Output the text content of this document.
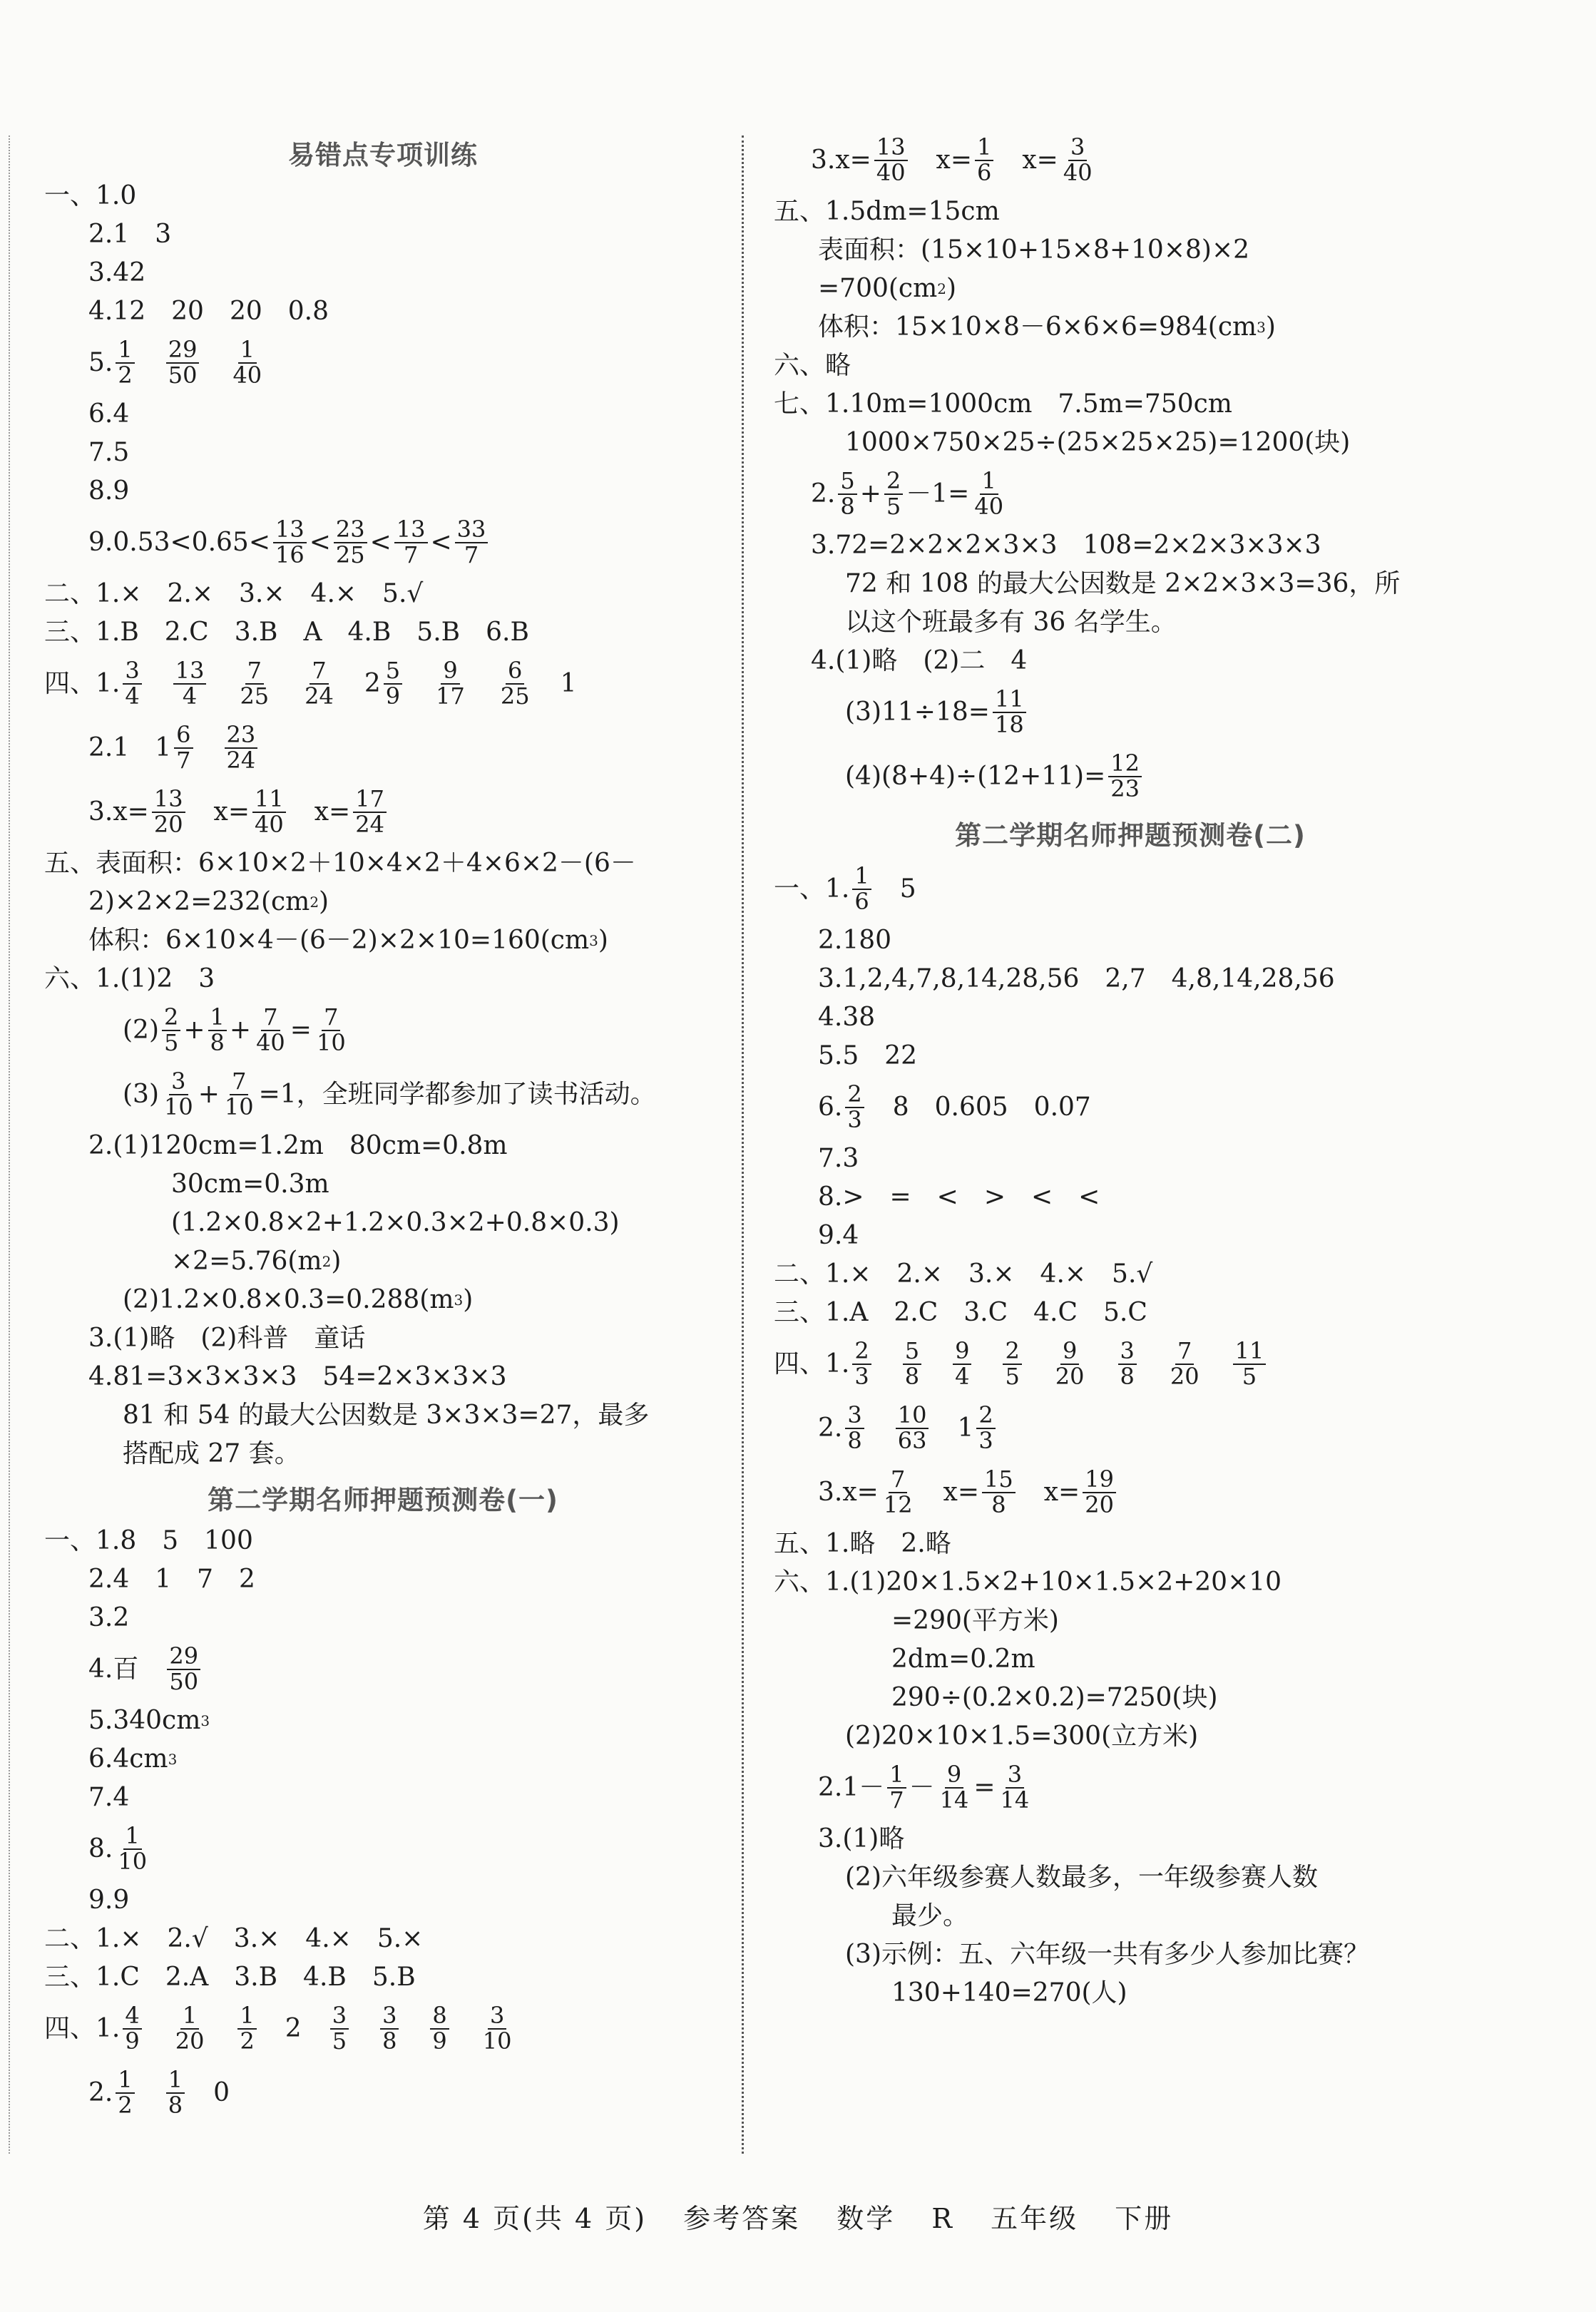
易错点专项训练
一、1.0
2.1　3
3.42
4.12　20　20　0.8
5. 1
2
29
50
1
40
6.4
7.5
8.9
9.0.53<0.65< 13
16 < 23
25 < 13
7 < 33
7
二、1.×　2.×　3.×　4.×　5.√
三、1.B　2.C　3.B　A　4.B　5.B　6.B
四、1. 3
4
13
4
7
25
7
24 2 5
9
9
17
6
25 1
2.1 1 6
7
23
24
$3.x= \frac{13}{20} x= \frac{11}{40} x= \frac{17}{24}$
五、表面积：6×10×2＋10×4×2＋4×6×2－(6－
2)×2×2=232(cm 2 )
体积：6×10×4－(6－2)×2×10=160(cm 3 )
六、1.(1)2　3
(2) 2
$5 + \frac{1}{8} + \frac{7}{40} = \frac{7}{10}$
(3) 3
$10 + \frac{7}{10} =1$，全班同学都参加了读书活动。
2.(1)120cm=1.2m　80cm=0.8m
30cm=0.3m
(1.2×0.8×2+1.2×0.3×2+0.8×0.3)
×2=5.76(m 2 )
(2)1.2×0.8×0.3=0.288(m 3 )
3.(1)略　(2)科普　童话
4.81=3×3×3×3　54=2×3×3×3
81 和 54 的最大公因数是 3×3×3=27，最多
搭配成 27 套。
第二学期名师押题预测卷(一)
一、1.8　5　100
2.4　1　7　2
3.2
4.百 29
50
5.340cm 3
6.4cm 3
7.4
8. 1
10
9.9
二、1.×　2.√　3.×　4.×　5.×
三、1.C　2.A　3.B　4.B　5.B
四、1. 4
9
1
20
1
2 2 3
5
3
8
8
9
3
10
2. 1
2
1
8 0
$3.x= \frac{13}{40} x= \frac{1}{6} x= \frac{3}{40}$
五、1.5dm=15cm
表面积：(15×10+15×8+10×8)×2
=700(cm 2 )
体积：15×10×8－6×6×6=984(cm 3 )
六、略
七、1.10m=1000cm　7.5m=750cm
1000×750×25÷(25×25×25)=1200(块)
2. 5
$8 + \frac{2}{5} -1= \frac{1}{40}$
3.72=2×2×2×3×3　108=2×2×3×3×3
72 和 108 的最大公因数是 2×2×3×3=36，所
以这个班最多有 36 名学生。
4.(1)略　(2)二　4
$(3)11\div 18= \frac{11}{18}$
$(4)(8+4)\div(12+11)= \frac{12}{23}$
第二学期名师押题预测卷(二)
一、1. 1
6 5
2.180
3.1,2,4,7,8,14,28,56　2,7　4,8,14,28,56
4.38
5.5　22
6. 2
3 8　0.605　0.07
7.3
8.>　=　<　>　<　<
9.4
二、1.×　2.×　3.×　4.×　5.√
三、1.A　2.C　3.C　4.C　5.C
四、1. 2
3
5
8
9
4
2
5
9
20
3
8
7
20
11
5
2. 3
8
10
63 1 2
3
$3.x= \frac{7}{12} x= \frac{15}{8} x= \frac{19}{20}$
五、1.略　2.略
六、1.(1)20×1.5×2+10×1.5×2+20×10
=290(平方米)
2dm=0.2m
290÷(0.2×0.2)=7250(块)
(2)20×10×1.5=300(立方米)
2.1－ 1
$7 - \frac{9}{14} = \frac{3}{14}$
3.(1)略
(2)六年级参赛人数最多，一年级参赛人数
最少。
(3)示例：五、六年级一共有多少人参加比赛？
130+140=270(人)
第 4 页(共 4 页) 参考答案 数学 R 五年级 下册
